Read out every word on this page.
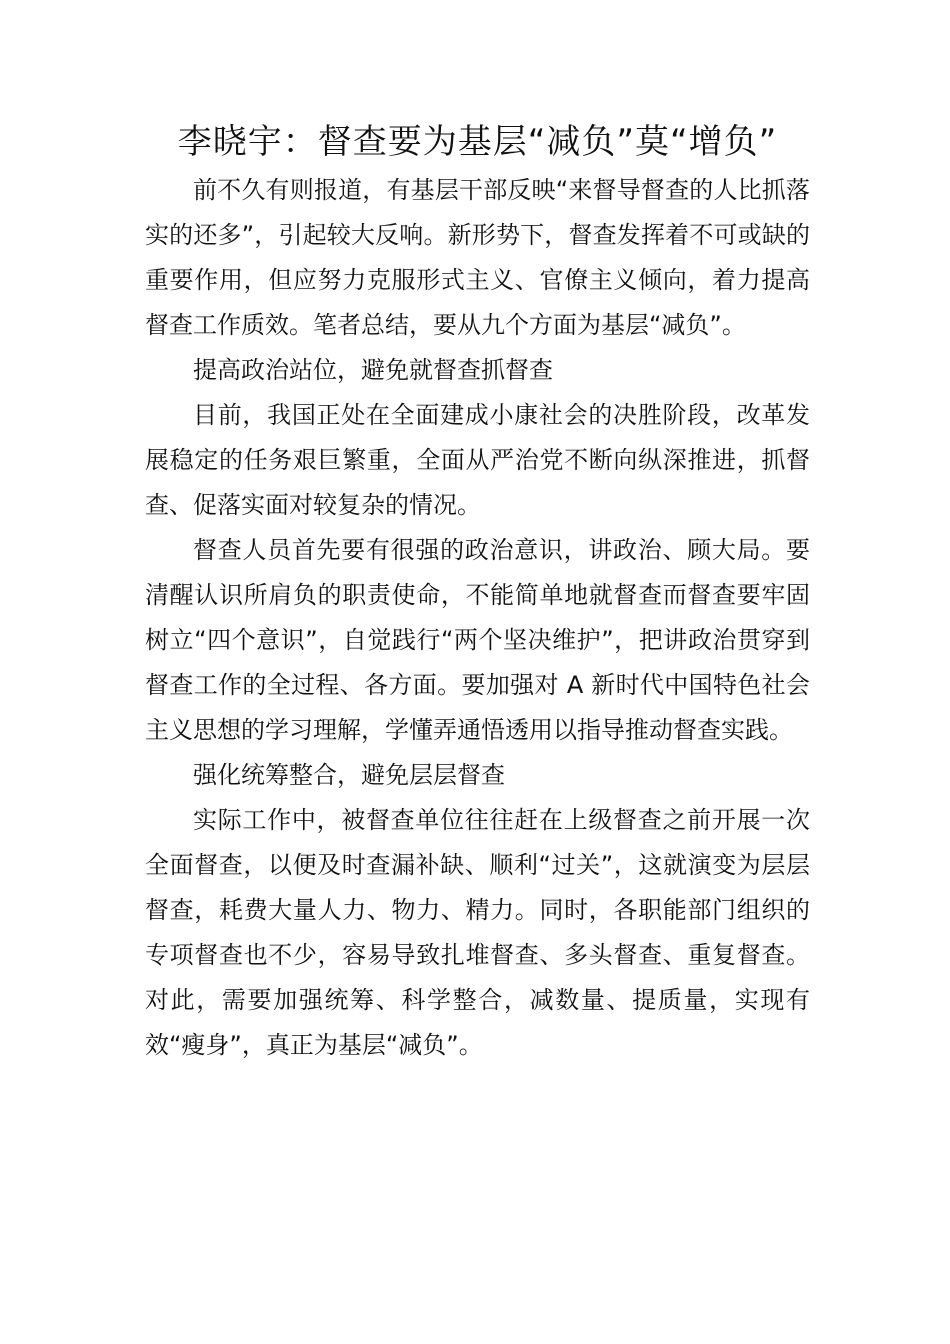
李晓宇：督查要为基层“减负”莫“增负”

前不久有则报道，有基层干部反映“来督导督查的人比抓落实的还多”，引起较大反响。新形势下，督查发挥着不可或缺的重要作用，但应努力克服形式主义、官僚主义倾向，着力提高督查工作质效。笔者总结，要从九个方面为基层“减负”。

提高政治站位，避免就督查抓督查

目前，我国正处在全面建成小康社会的决胜阶段，改革发展稳定的任务艰巨繁重，全面从严治党不断向纵深推进，抓督查、促落实面对较复杂的情况。

督查人员首先要有很强的政治意识，讲政治、顾大局。要清醒认识所肩负的职责使命，不能简单地就督查而督查要牢固树立“四个意识”，自觉践行“两个坚决维护”，把讲政治贯穿到督查工作的全过程、各方面。要加强对 A 新时代中国特色社会主义思想的学习理解，学懂弄通悟透用以指导推动督查实践。

强化统筹整合，避免层层督查

实际工作中，被督查单位往往赶在上级督查之前开展一次全面督查，以便及时查漏补缺、顺利“过关”，这就演变为层层督查，耗费大量人力、物力、精力。同时，各职能部门组织的专项督查也不少，容易导致扎堆督查、多头督查、重复督查。对此，需要加强统筹、科学整合，减数量、提质量，实现有效“瘦身”，真正为基层“减负”。
